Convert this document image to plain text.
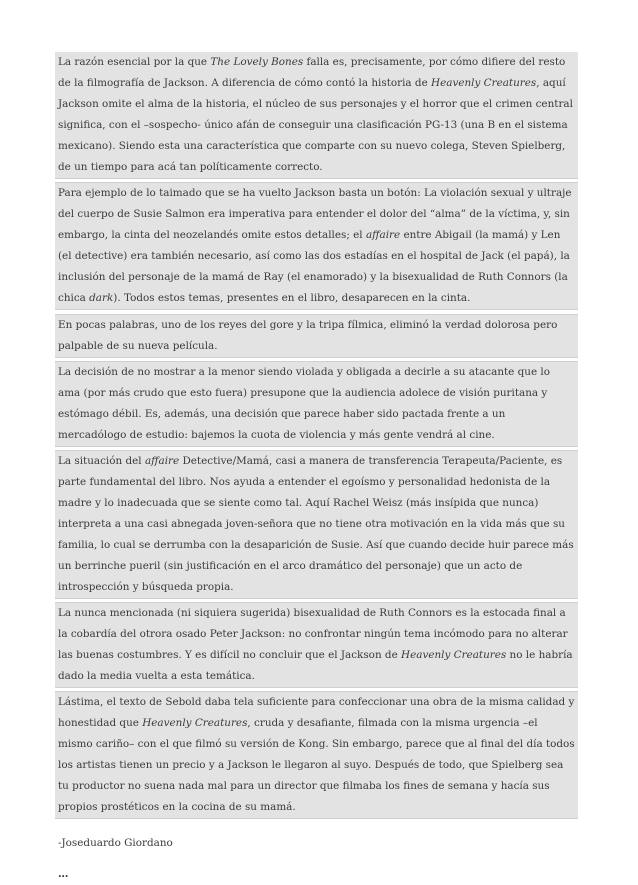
La razón esencial por la que The Lovely Bones falla es, precisamente, por cómo difiere del resto de la filmografía de Jackson. A diferencia de cómo contó la historia de Heavenly Creatures, aquí Jackson omite el alma de la historia, el núcleo de sus personajes y el horror que el crimen central significa, con el –sospecho- único afán de conseguir una clasificación PG-13 (una B en el sistema mexicano). Siendo esta una característica que comparte con su nuevo colega, Steven Spielberg, de un tiempo para acá tan políticamente correcto.
Para ejemplo de lo taimado que se ha vuelto Jackson basta un botón: La violación sexual y ultraje del cuerpo de Susie Salmon era imperativa para entender el dolor del “alma” de la víctima, y, sin embargo, la cinta del neozelandés omite estos detalles; el affaire entre Abigail (la mamá) y Len (el detective) era también necesario, así como las dos estadías en el hospital de Jack (el papá), la inclusión del personaje de la mamá de Ray (el enamorado) y la bisexualidad de Ruth Connors (la chica dark). Todos estos temas, presentes en el libro, desaparecen en la cinta.
En pocas palabras, uno de los reyes del gore y la tripa fílmica, eliminó la verdad dolorosa pero palpable de su nueva película.
La decisión de no mostrar a la menor siendo violada y obligada a decirle a su atacante que lo ama (por más crudo que esto fuera) presupone que la audiencia adolece de visión puritana y estómago débil. Es, además, una decisión que parece haber sido pactada frente a un mercadólogo de estudio: bajemos la cuota de violencia y más gente vendrá al cine.
La situación del affaire Detective/Mamá, casi a manera de transferencia Terapeuta/Paciente, es parte fundamental del libro. Nos ayuda a entender el egoísmo y personalidad hedonista de la madre y lo inadecuada que se siente como tal. Aquí Rachel Weisz (más insípida que nunca) interpreta a una casi abnegada joven-señora que no tiene otra motivación en la vida más que su familia, lo cual se derrumba con la desaparición de Susie. Así que cuando decide huir parece más un berrinche pueril (sin justificación en el arco dramático del personaje) que un acto de introspección y búsqueda propia.
La nunca mencionada (ni siquiera sugerida) bisexualidad de Ruth Connors es la estocada final a la cobardía del otrora osado Peter Jackson: no confrontar ningún tema incómodo para no alterar las buenas costumbres. Y es difícil no concluir que el Jackson de Heavenly Creatures no le habría dado la media vuelta a esta temática.
Lástima, el texto de Sebold daba tela suficiente para confeccionar una obra de la misma calidad y honestidad que Heavenly Creatures, cruda y desafiante, filmada con la misma urgencia –el mismo cariño– con el que filmó su versión de Kong. Sin embargo, parece que al final del día todos los artistas tienen un precio y a Jackson le llegaron al suyo. Después de todo, que Spielberg sea tu productor no suena nada mal para un director que filmaba los fines de semana y hacía sus propios prostéticos en la cocina de su mamá.
-Joseduardo Giordano
…
